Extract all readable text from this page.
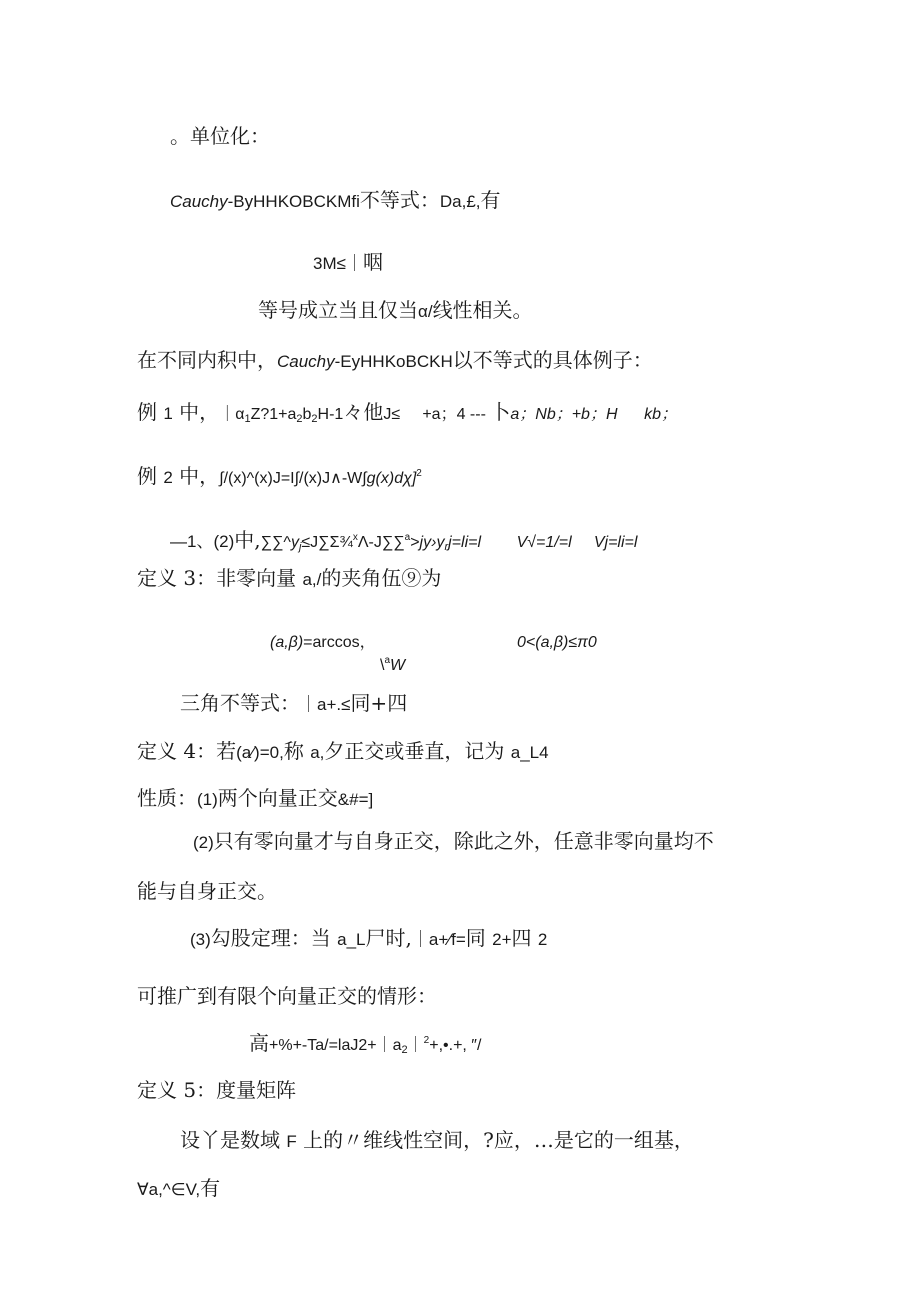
。单位化：
Cauchy-ByHHKOBCKMfi不等式：Da,£,有
3M≤｜咽
等号成立当且仅当α/线性相关。
在不同内积中，Cauchy-EyHHKoBCKH以不等式的具体例子：
例 1 中，$|\alpha_1Z?1+a_2b_2H-1$々他J≤     +a；4 --- 卜a；Nb；+b；H      kb；
例 2 中，∫/(x)^(x)J=I∫/(x)J∧-W∫g(x)dχ]$^2$
—1、(2)中$,\sum\sum\^{}y_j\le J\sum\Sigma\frac{3}{4}^x\Lambda-J\sum\sum^a>jy›y_rj=li=l$        V√=1/=l     Vj=li=l
定义 3：非零向量 a,/的夹角伍⑨为
(a,β)=arccos，	0<(a,β)≤π0
\$^a$W
三角不等式：｜a+.≤同+四
定义 4：若(a⁄)=0,称 a,夕正交或垂直，记为 a_L4
性质：(1)两个向量正交&#=]
(2)只有零向量才与自身正交，除此之外，任意非零向量均不
能与自身正交。
(3)勾股定理：当 a_L尸时,｜a+⁄f=同 2+四 2
可推广到有限个向量正交的情形：
高$+\%+-Ta/=laJ2+|a_2|^2+,•.+$, ″/
定义 5：度量矩阵
设丫是数域 F 上的〃维线性空间，?应，…是它的一组基，
∀a,^∈V,有
